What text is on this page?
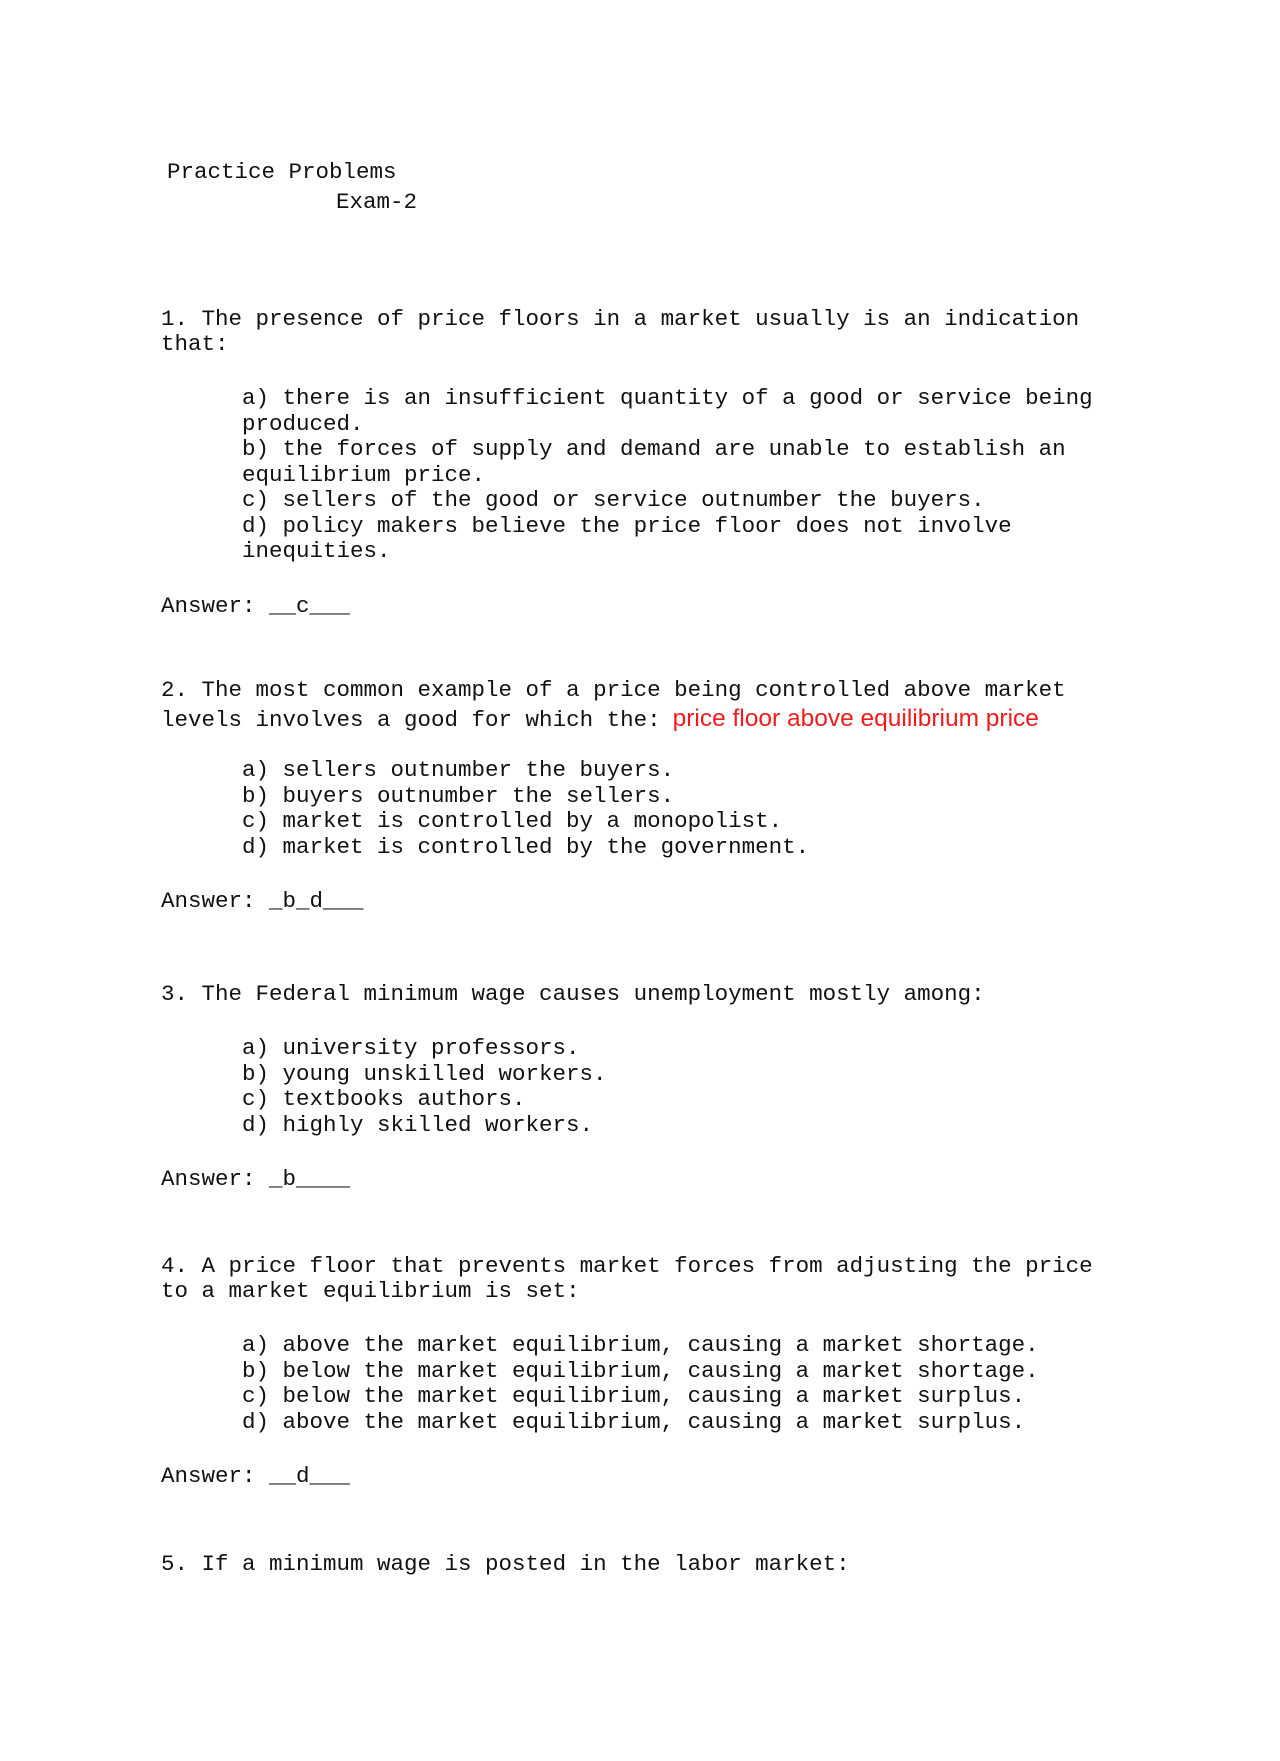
Practice Problems
Exam-2
1. The presence of price floors in a market usually is an indication
that:
a) there is an insufficient quantity of a good or service being
produced.
b) the forces of supply and demand are unable to establish an
equilibrium price.
c) sellers of the good or service outnumber the buyers.
d) policy makers believe the price floor does not involve
inequities.
Answer: __c___
2. The most common example of a price being controlled above market
levels involves a good for which the: price floor above equilibrium price
a) sellers outnumber the buyers.
b) buyers outnumber the sellers.
c) market is controlled by a monopolist.
d) market is controlled by the government.
Answer: _b_d___
3. The Federal minimum wage causes unemployment mostly among:
a) university professors.
b) young unskilled workers.
c) textbooks authors.
d) highly skilled workers.
Answer: _b____
4. A price floor that prevents market forces from adjusting the price
to a market equilibrium is set:
a) above the market equilibrium, causing a market shortage.
b) below the market equilibrium, causing a market shortage.
c) below the market equilibrium, causing a market surplus.
d) above the market equilibrium, causing a market surplus.
Answer: __d___
5. If a minimum wage is posted in the labor market:
